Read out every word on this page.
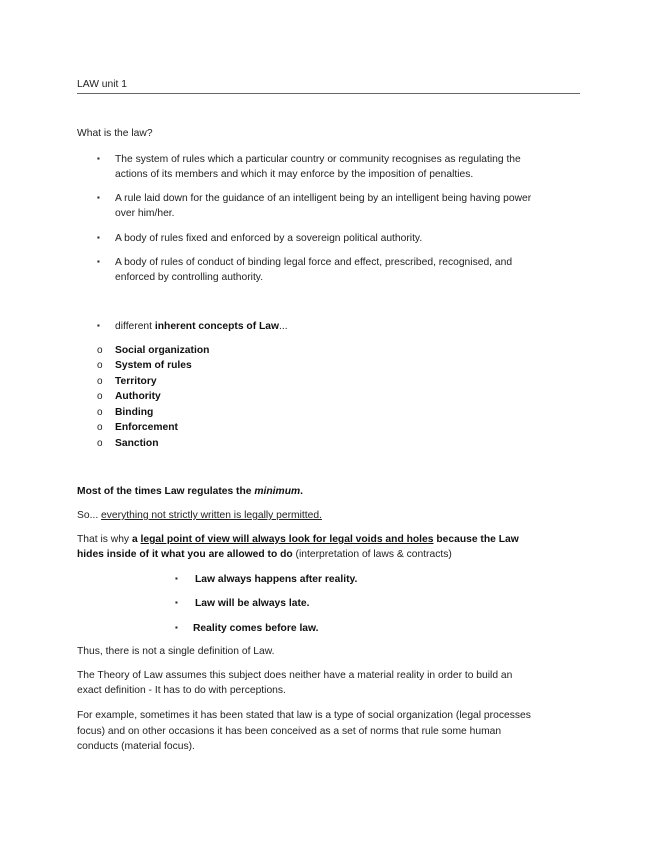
LAW unit 1
What is the law?
▪ The system of rules which a particular country or community recognises as regulating the
actions of its members and which it may enforce by the imposition of penalties.
▪ A rule laid down for the guidance of an intelligent being by an intelligent being having power
over him/her.
▪ A body of rules fixed and enforced by a sovereign political authority.
▪ A body of rules of conduct of binding legal force and effect, prescribed, recognised, and
enforced by controlling authority.
▪ different inherent concepts of Law...
o Social organization
o System of rules
o Territory
o Authority
o Binding
o Enforcement
o Sanction
Most of the times Law regulates the minimum.
So... everything not strictly written is legally permitted.
That is why a legal point of view will always look for legal voids and holes because the Law
hides inside of it what you are allowed to do (interpretation of laws & contracts)
▪ Law always happens after reality.
▪ Law will be always late.
▪ Reality comes before law.
Thus, there is not a single definition of Law.
The Theory of Law assumes this subject does neither have a material reality in order to build an
exact definition - It has to do with perceptions.
For example, sometimes it has been stated that law is a type of social organization (legal processes
focus) and on other occasions it has been conceived as a set of norms that rule some human
conducts (material focus).
